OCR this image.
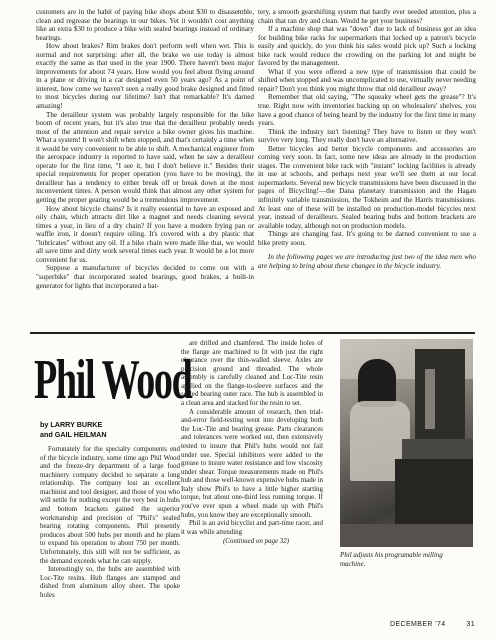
customers are in the habit of paying bike shops about $30 to disassemble, clean and regrease the bearings in our bikes. Yet it wouldn't cost anything like an extra $30 to produce a bike with sealed bearings instead of ordinary bearings.

How about brakes? Rim brakes don't perform well when wet. This is normal and not surprising: after all, the brake we use today is almost exactly the same as that used in the year 1900. There haven't been major improvements for about 74 years. How would you feel about flying around in a plane or driving in a car designed even 50 years ago? As a point of interest, how come we haven't seen a really good brake designed and fitted to most bicycles during our lifetime? Isn't that remarkable? It's darned amazing!

The derailleur system was probably largely responsible for the bike boom of recent years, but it's also true that the derailleur probably needs most of the attention and repair service a bike owner gives his machine. What a system! It won't shift when stopped, and that's certainly a time when it would be very convenient to be able to shift. A mechanical engineer from the aerospace industry is reported to have said, when he saw a derailleur operate for the first time, "I see it, but I don't believe it." Besides their special requirements for proper operation (you have to be moving), the derailleur has a tendency to either break off or break down at the most inconvenient times. A person would think that almost any other system for getting the proper gearing would be a tremendous improvement.

How about bicycle chains? Is it really essential to have an exposed and oily chain, which attracts dirt like a magnet and needs cleaning several times a year, in lieu of a dry chain? If you have a modern frying pan or waffle iron, it doesn't require oiling. It's covered with a dry plastic that "lubricates" without any oil. If a bike chain were made like that, we would all save time and dirty work several times each year. It would be a lot more convenient for us.

Suppose a manufacturer of bicycles decided to come out with a "superbike" that incorporated sealed bearings, good brakes, a built-in generator for lights that incorporated a bat-

tery, a smooth gearshifting system that hardly ever needed attention, plus a chain that ran dry and clean. Would he get your business?

If a machine shop that was "down" due to lack of business got an idea for building bike racks for supermarkets that locked up a patron's bicycle easily and quickly, do you think his sales would pick up? Such a locking bike rack would reduce the crowding on the parking lot and might be favored by the management.

What if you were offered a new type of transmission that could be shifted when stopped and was uncomplicated to use, virtually never needing repair? Don't you think you might throw that old derailleur away?

Remember that old saying, "The squeaky wheel gets the grease"? It's true. Right now with inventories backing up on wholesalers' shelves, you have a good chance of being heard by the industry for the first time in many years.

Think the industry isn't listening? They have to listen or they won't survive very long. They really don't have an alternative.

Better bicycles and better bicycle components and accessories are coming very soon. In fact, some new ideas are already in the production stages. The convenient bike rack with "instant" locking facilities is already in use at schools, and perhaps next year we'll see them at our local supermarkets. Several new bicycle transmissions have been discussed in the pages of Bicycling!—the Dana planetary transmission and the Hagan infinitely variable transmission, the Tokheim and the Harris transmissions. At least one of these will be installed on production-model bicycles next year, instead of derailleurs. Sealed bearing hubs and bottom brackets are available today, although not on production models.

Things are changing fast. It's going to be darned convenient to use a bike pretty soon.

In the following pages we are introducing just two of the idea men who are helping to bring about these changes in the bicycle industry.

Phil Wood
by LARRY BURKE
and GAIL HEILMAN

Fortunately for the specialty components end of the bicycle industry, some time ago Phil Wood and the freeze-dry department of a large food machinery company decided to separate a long relationship. The company lost an excellent machinist and tool designer, and those of you who will settle for nothing except the very best in hubs and bottom brackets gained the superior workmanship and precision of "Phil's" sealed bearing rotating components. Phil presently produces about 500 hubs per month and he plans to expand his operation to about 750 per month. Unfortunately, this still will not be sufficient, as the demand exceeds what he can supply.

Interestingly so, the hubs are assembled with Loc-Tite resins. Hub flanges are stamped and dished from aluminum alloy sheet. The spoke holes

are drilled and chamfered. The inside holes of the flange are machined to fit with just the right clearance over the thin-walled sleeve. Axles are precision ground and threaded. The whole assembly is carefully cleaned and Loc-Tite resin applied on the flange-to-sleeve surfaces and the sealed bearing outer race. The hub is assembled in a clean area and stacked for the resin to set.

A considerable amount of research, then trial-and-error field-testing went into developing both the Loc-Tite and bearing grease. Parts clearances and tolerances were worked out, then extensively tested to insure that Phil's hubs would not fail under use. Special inhibitors were added to the grease to insure water resistance and low viscosity under shear. Torque measurements made on Phil's hub and those well-known expensive hubs made in Italy show Phil's to have a little higher starting torque, but about one-third less running torque. If you've ever spun a wheel made up with Phil's hubs, you know they are exceptionally smooth.

Phil is an avid bicyclist and part-time racer, and it was while attending

(Continued on page 32)

Phil adjusts his programable milling machine.
DECEMBER '74	31
